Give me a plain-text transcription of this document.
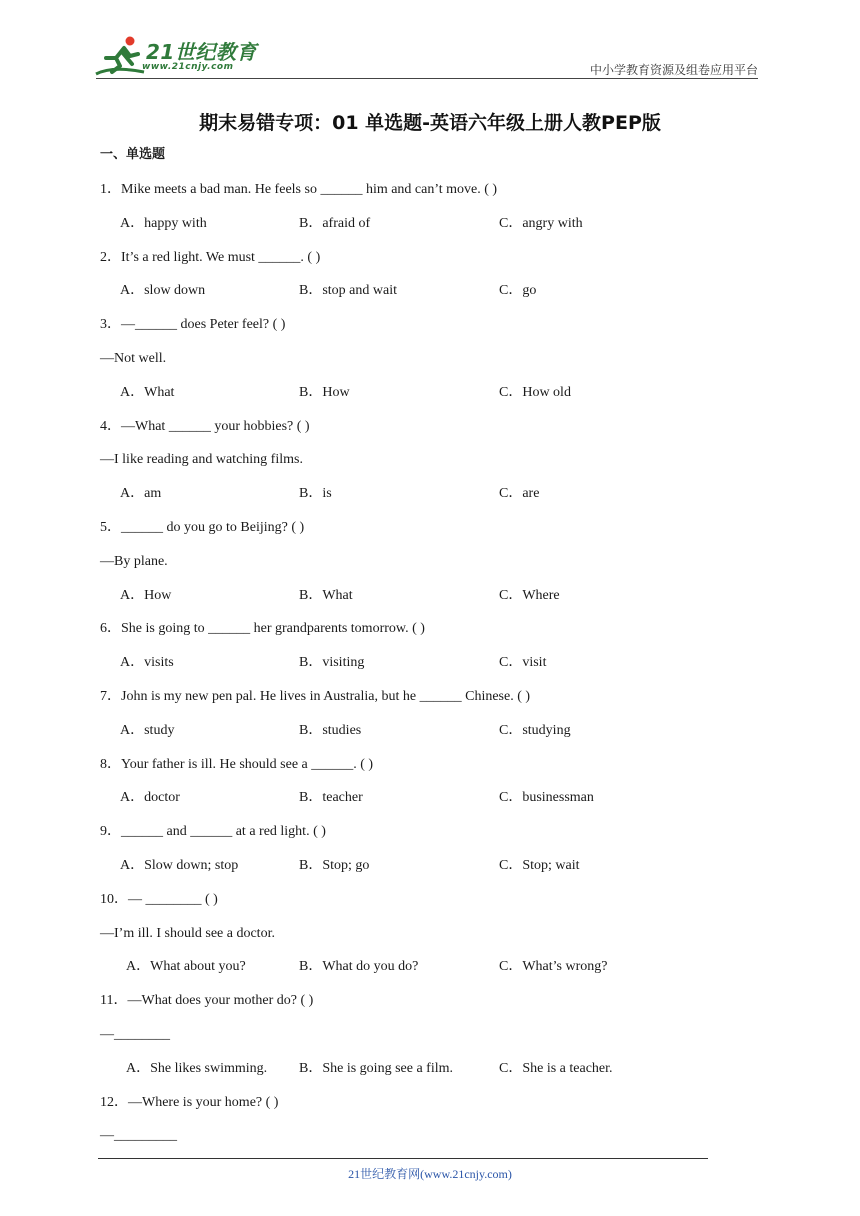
21世纪教育
www.21cnjy.com	中小学教育资源及组卷应用平台
期末易错专项：01 单选题-英语六年级上册人教PEP版
一、单选题
1．Mike meets a bad man. He feels so ______ him and can’t move. ( )
A．happy with	B．afraid of	C．angry with
2．It’s a red light. We must ______. ( )
A．slow down	B．stop and wait	C．go
3．—______ does Peter feel? ( )
—Not well.
A．What	B．How	C．How old
4．—What ______ your hobbies? ( )
—I like reading and watching films.
A．am	B．is	C．are
5．______ do you go to Beijing? ( )
—By plane.
A．How	B．What	C．Where
6．She is going to ______ her grandparents tomorrow. ( )
A．visits	B．visiting	C．visit
7．John is my new pen pal. He lives in Australia, but he ______ Chinese. ( )
A．study	B．studies	C．studying
8．Your father is ill. He should see a ______. ( )
A．doctor	B．teacher	C．businessman
9．______ and ______ at a red light. ( )
A．Slow down; stop	B．Stop; go	C．Stop; wait
10．— ________ ( )
—I’m ill. I should see a doctor.
A．What about you?	B．What do you do?	C．What’s wrong?
11．—What does your mother do? ( )
—________
A．She likes swimming. B．She is going see a film.	C．She is a teacher.
12．—Where is your home? ( )
—_________
21世纪教育网(www.21cnjy.com)
